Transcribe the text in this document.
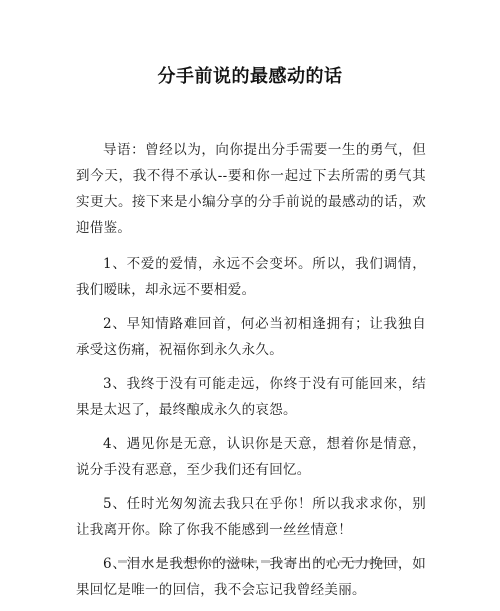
分手前说的最感动的话

导语：曾经以为，向你提出分手需要一生的勇气，但到今天，我不得不承认--要和你一起过下去所需的勇气其实更大。接下来是小编分享的分手前说的最感动的话，欢迎借鉴。

1、不爱的爱情，永远不会变坏。所以，我们调情，我们暧昧，却永远不要相爱。

2、早知情路难回首，何必当初相逢拥有；让我独自承受这伤痛，祝福你到永久永久。

3、我终于没有可能走远，你终于没有可能回来，结果是太迟了，最终酿成永久的哀怨。

4、遇见你是无意，认识你是天意，想着你是情意，说分手没有恶意，至少我们还有回忆。

5、任时光匆匆流去我只在乎你！所以我求求你，别让我离开你。除了你我不能感到一丝丝情意！

6、泪水是我想你的滋味，我寄出的心无力挽回，如果回忆是唯一的回信，我不会忘记我曾经美丽。
